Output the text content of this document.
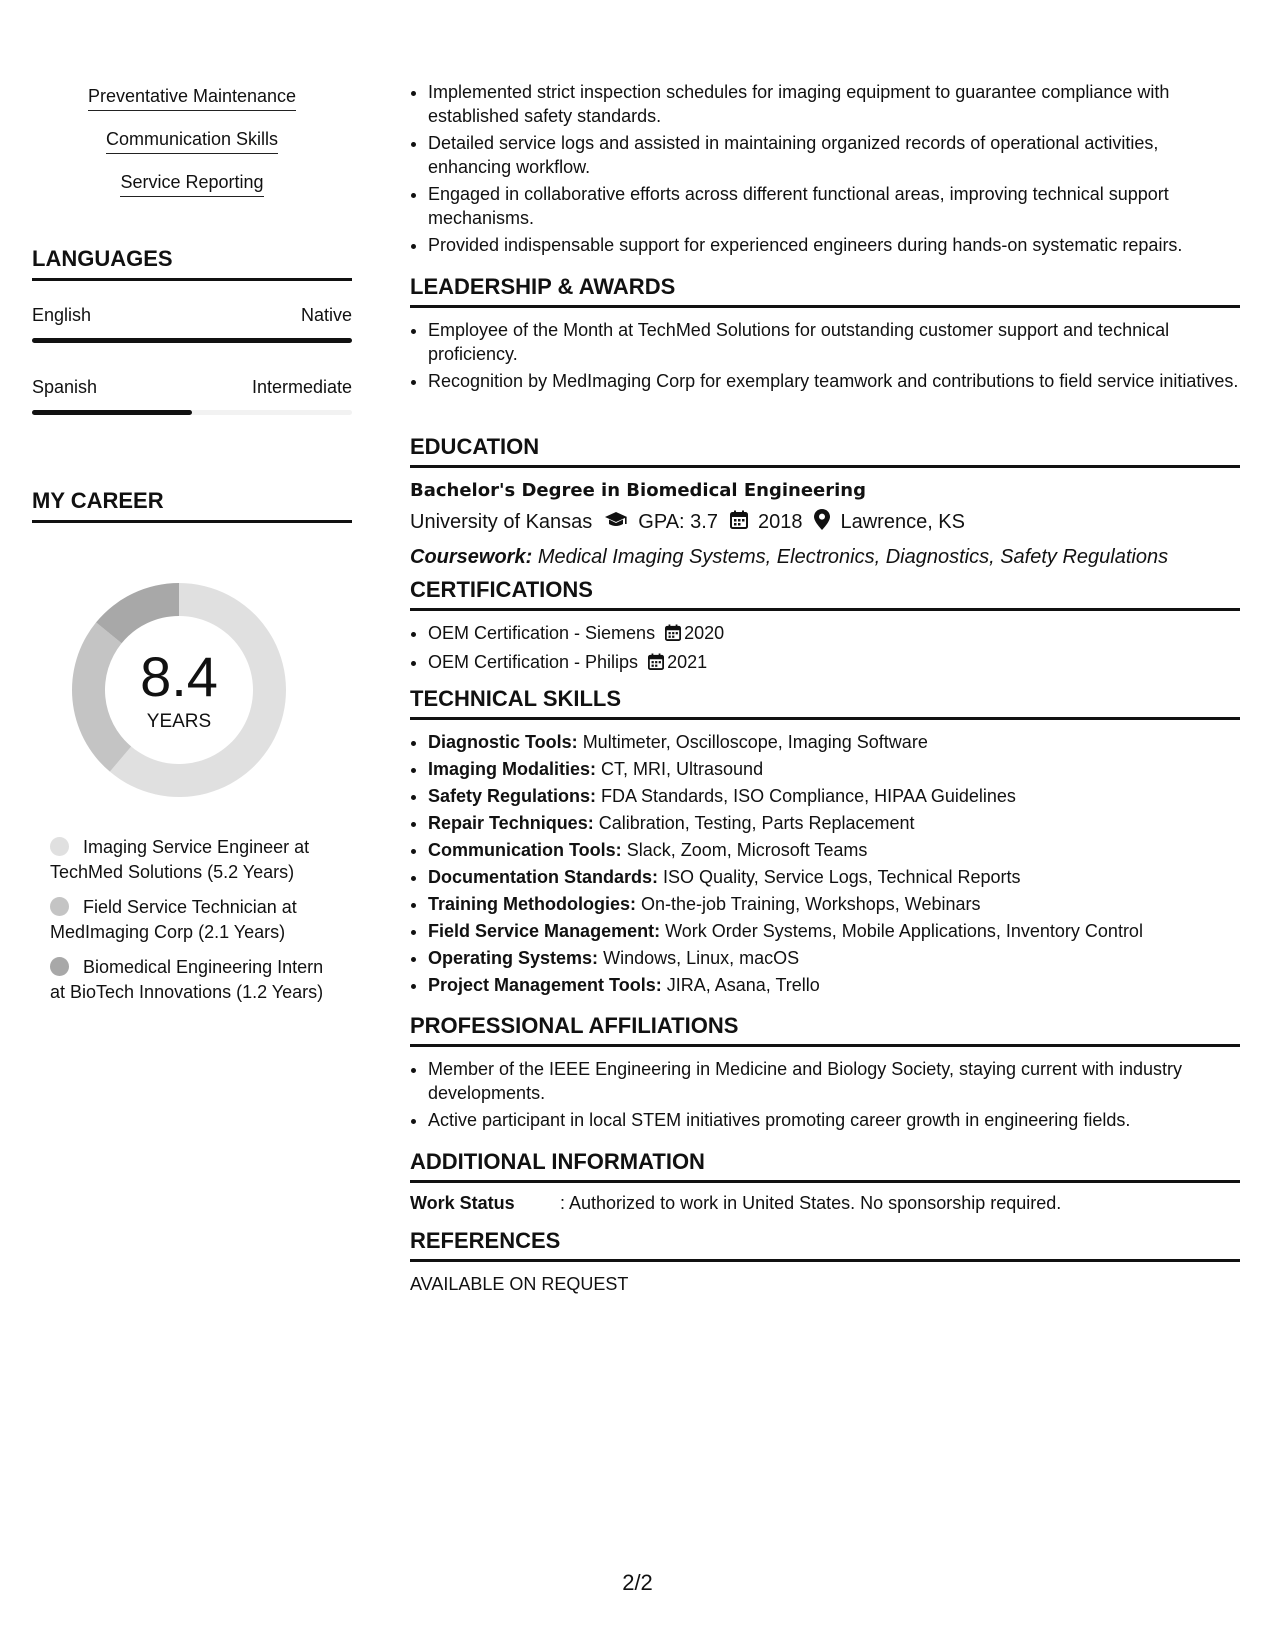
Preventative Maintenance
Communication Skills
Service Reporting
LANGUAGES
English	Native
Spanish	Intermediate
MY CAREER
8.4
YEARS
Imaging Service Engineer at TechMed Solutions (5.2 Years)
Field Service Technician at MedImaging Corp (2.1 Years)
Biomedical Engineering Intern at BioTech Innovations (1.2 Years)
• Implemented strict inspection schedules for imaging equipment to guarantee compliance with established safety standards.
• Detailed service logs and assisted in maintaining organized records of operational activities, enhancing workflow.
• Engaged in collaborative efforts across different functional areas, improving technical support mechanisms.
• Provided indispensable support for experienced engineers during hands-on systematic repairs.
LEADERSHIP & AWARDS
• Employee of the Month at TechMed Solutions for outstanding customer support and technical proficiency.
• Recognition by MedImaging Corp for exemplary teamwork and contributions to field service initiatives.
EDUCATION
Bachelor's Degree in Biomedical Engineering
University of Kansas GPA: 3.7 2018 Lawrence, KS
Coursework: Medical Imaging Systems, Electronics, Diagnostics, Safety Regulations
CERTIFICATIONS
• OEM Certification - Siemens 2020
• OEM Certification - Philips 2021
TECHNICAL SKILLS
• Diagnostic Tools: Multimeter, Oscilloscope, Imaging Software
• Imaging Modalities: CT, MRI, Ultrasound
• Safety Regulations: FDA Standards, ISO Compliance, HIPAA Guidelines
• Repair Techniques: Calibration, Testing, Parts Replacement
• Communication Tools: Slack, Zoom, Microsoft Teams
• Documentation Standards: ISO Quality, Service Logs, Technical Reports
• Training Methodologies: On-the-job Training, Workshops, Webinars
• Field Service Management: Work Order Systems, Mobile Applications, Inventory Control
• Operating Systems: Windows, Linux, macOS
• Project Management Tools: JIRA, Asana, Trello
PROFESSIONAL AFFILIATIONS
• Member of the IEEE Engineering in Medicine and Biology Society, staying current with industry developments.
• Active participant in local STEM initiatives promoting career growth in engineering fields.
ADDITIONAL INFORMATION
Work Status	: Authorized to work in United States. No sponsorship required.
REFERENCES
AVAILABLE ON REQUEST
2/2
